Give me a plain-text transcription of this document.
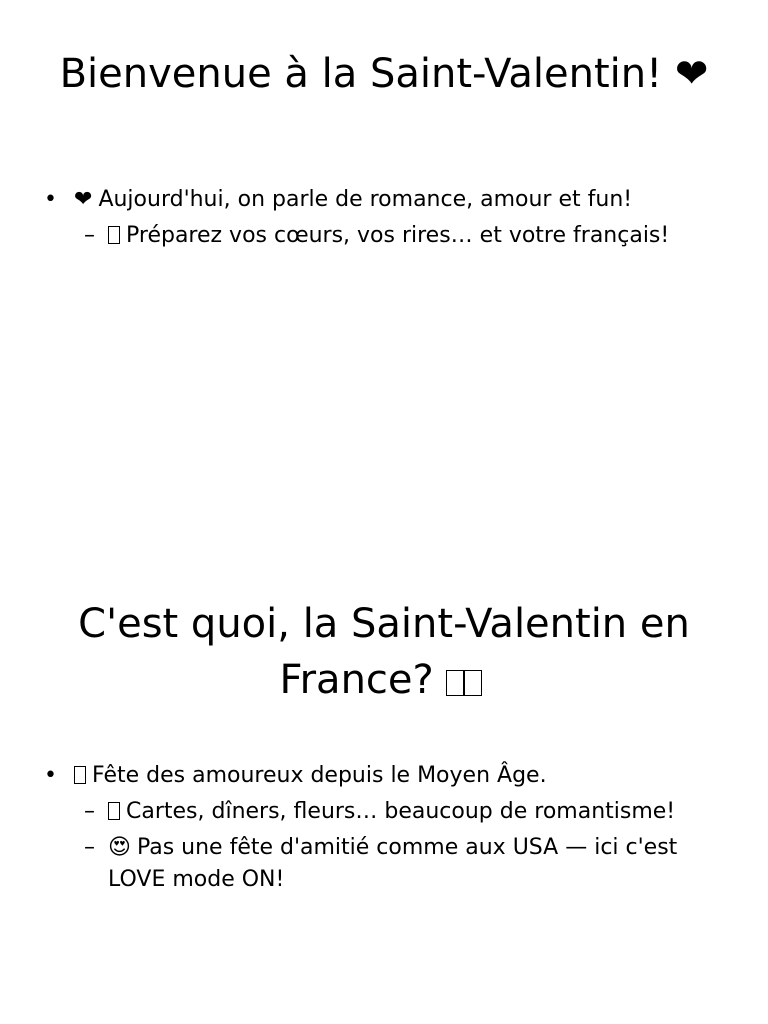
Bienvenue à la Saint-Valentin! ❤
• ❤ Aujourd'hui, on parle de romance, amour et fun!
– Préparez vos cœurs, vos rires… et votre français!
C'est quoi, la Saint-Valentin en
France?
• Fête des amoureux depuis le Moyen Âge.
– Cartes, dîners, fleurs… beaucoup de romantisme!
– 😍 Pas une fête d'amitié comme aux USA — ici c'est LOVE mode ON!
